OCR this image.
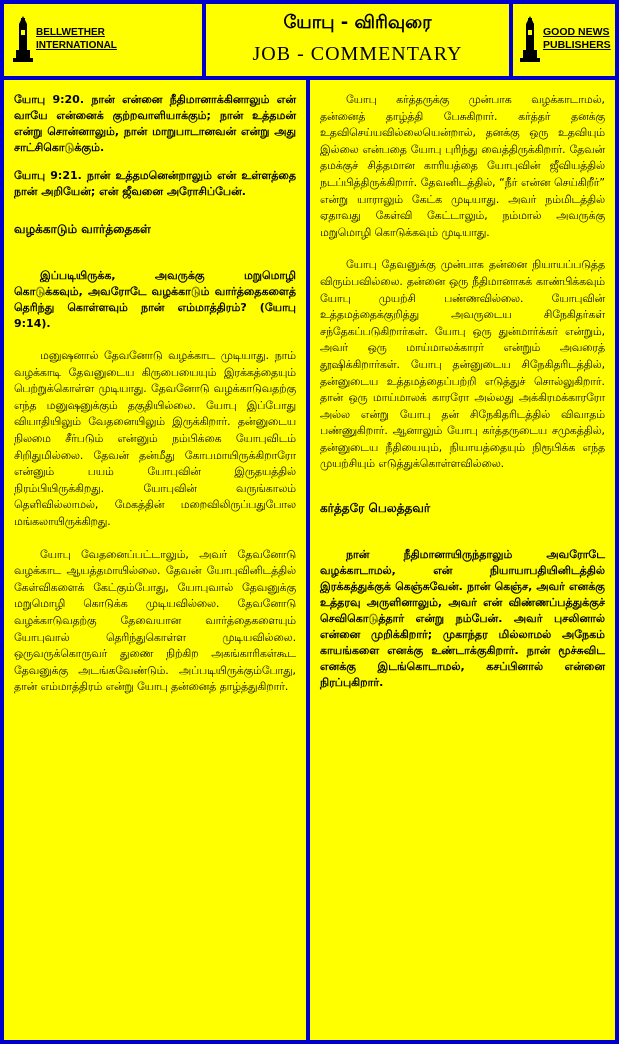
BELLWETHER
INTERNATIONAL
யோபு - விரிவுரை
JOB - COMMENTARY
GOOD NEWS
PUBLISHERS

யோபு 9:20. நான் என்னை நீதிமானாக்கினாலும் என் வாயே என்னைக் குற்றவாளியாக்கும்; நான் உத்தமன் என்று சொன்னாலும், நான் மாறுபாடானவன் என்று அது சாட்சிகொடுக்கும்.

யோபு 9:21. நான் உத்தமனென்றாலும் என் உள்ளத்தை நான் அறியேன்; என் ஜீவனை அரோசிப்பேன்.

வழக்காடும் வார்த்தைகள்

இப்படியிருக்க, அவருக்கு மறுமொழி கொடுக்கவும், அவரோடே வழக்காடும் வார்த்தைகளைத் தெரிந்து கொள்ளவும் நான் எம்மாத்திரம்? (யோபு 9:14).

மனுஷனால் தேவனோடு வழக்காட முடியாது. நாம் வழக்காடி தேவனுடைய கிருபையையும் இரக்கத்தையும் பெற்றுக்கொள்ள முடியாது. தேவனோடு வழக்காடுவதற்கு எந்த மனுஷனுக்கும் தகுதியில்லை. யோபு இப்போது வியாதியிலும் வேதனையிலும் இருக்கிறார். தன்னுடைய நிலமை சீர்படும் என்னும் நம்பிக்கை யோபுவிடம் சிறிதுமில்லை. தேவன் தன்மீது கோபமாயிருக்கிறாரோ என்னும் பயம் யோபுவின் இருதயத்தில் நிரம்பியிருக்கிறது. யோபுவின் வருங்காலம் தெளிவில்லாமல், மேகத்தின் மறைவிலிருப்பதுபோல மங்கலாயிருக்கிறது.

யோபு வேதனைப்பட்டாலும், அவர் தேவனோடு வழக்காட ஆயத்தமாயில்லை. தேவன் யோபுவினிடத்தில் கேள்விகளைக் கேட்கும்போது, யோபுவால் தேவனுக்கு மறுமொழி கொடுக்க முடியவில்லை. தேவனோடு வழக்காடுவதற்கு தேவையான வார்த்தைகளையும் யோபுவால் தெரிந்துகொள்ள முடியவில்லை. ஒருவருக்கொருவர் துணை நிற்கிற அகங்காரிகள்கூட தேவனுக்கு அடங்கவேண்டும். அப்படியிருக்கும்போது, தான் எம்மாத்திரம் என்று யோபு தன்னைத் தாழ்த்துகிறார்.

யோபு கர்த்தருக்கு முன்பாக வழக்காடாமல், தன்னைத் தாழ்த்தி பேசுகிறார். கர்த்தர் தனக்கு உதவிசெய்யவில்லையென்றால், தனக்கு ஒரு உதவியும் இல்லை என்பதை யோபு புரிந்து வைத்திருக்கிறார். தேவன் தமக்குச் சித்தமான காரியத்தை யோபுவின் ஜீவியத்தில் நடப்பித்திருக்கிறார். தேவனிடத்தில், “நீர் என்ன செய்கிறீர்” என்று யாராலும் கேட்க முடியாது. அவர் நம்மிடத்தில் ஏதாவது கேள்வி கேட்டாலும், நம்மால் அவருக்கு மறுமொழி கொடுக்கவும் முடியாது.

யோபு தேவனுக்கு முன்பாக தன்னை நியாயப்படுத்த விரும்பவில்லை. தன்னை ஒரு நீதிமானாகக் காண்பிக்கவும் யோபு முயற்சி பண்ணவில்லை. யோபுவின் உத்தமத்தைக்குறித்து அவருடைய சிநேகிதர்கள் சந்தேகப்படுகிறார்கள். யோபு ஒரு துன்மார்க்கர் என்றும், அவர் ஒரு மாய்மாலக்காரர் என்றும் அவரைத் தூஷிக்கிறார்கள். யோபு தன்னுடைய சிநேகிதரிடத்தில், தன்னுடைய உத்தமத்தைப்பற்றி எடுத்துச் சொல்லுகிறார். தான் ஒரு மாய்மாலக் காரரோ அல்லது அக்கிரமக்காரரோ அல்ல என்று யோபு தன் சிநேகிதரிடத்தில் விவாதம் பண்ணுகிறார். ஆனாலும் யோபு கர்த்தருடைய சமுகத்தில், தன்னுடைய நீதியையும், நியாயத்தையும் நிரூபிக்க எந்த முயற்சியும் எடுத்துக்கொள்ளவில்லை.

கர்த்தரே பெலத்தவர்

நான் நீதிமானாயிருந்தாலும் அவரோடே வழக்காடாமல், என் நியாயாபதியினிடத்தில் இரக்கத்துக்குக் கெஞ்சுவேன். நான் கெஞ்ச, அவர் எனக்கு உத்தரவு அருளினாலும், அவர் என் விண்ணப்பத்துக்குச் செவிகொடுத்தார் என்று நம்பேன். அவர் புசலினால் என்னை முறிக்கிறார்; முகாந்தர மில்லாமல் அநேகம் காயங்களை எனக்கு உண்டாக்குகிறார். நான் மூச்சுவிட எனக்கு இடங்கொடாமல், கசப்பினால் என்னை நிரப்புகிறார்.
